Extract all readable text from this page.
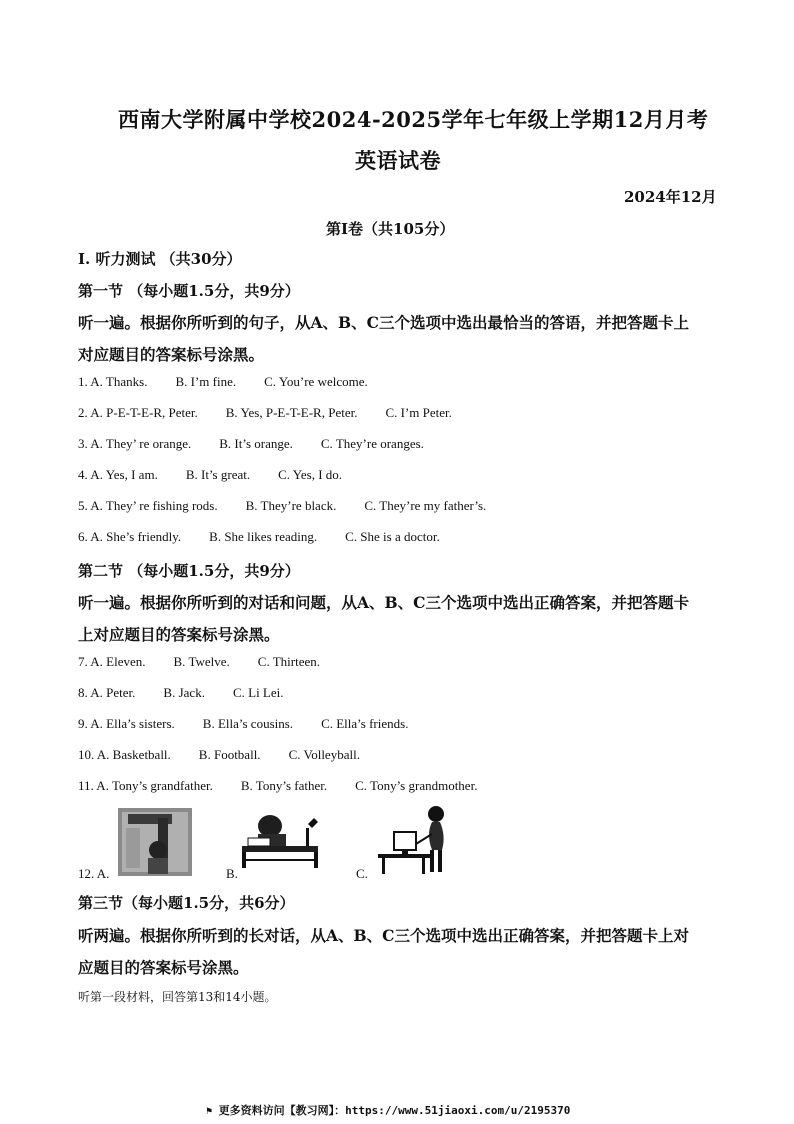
西南大学附属中学校2024-2025学年七年级上学期12月月考
英语试卷
2024年12月
第Ⅰ卷（共105分）
Ⅰ. 听力测试 （共30分）
第一节 （每小题1.5分，共9分）
听一遍。根据你所听到的句子，从A、B、C三个选项中选出最恰当的答语，并把答题卡上
对应题目的答案标号涂黑。
1. A. Thanks. B. I’m fine. C. You’re welcome.
2. A. P-E-T-E-R, Peter. B. Yes, P-E-T-E-R, Peter. C. I’m Peter.
3. A. They’ re orange. B. It’s orange. C. They’re oranges.
4. A. Yes, I am. B. It’s great. C. Yes, I do.
5. A. They’ re fishing rods. B. They’re black. C. They’re my father’s.
6. A. She’s friendly. B. She likes reading. C. She is a doctor.
第二节 （每小题1.5分，共9分）
听一遍。根据你所听到的对话和问题，从A、B、C三个选项中选出正确答案，并把答题卡
上对应题目的答案标号涂黑。
7. A. Eleven. B. Twelve. C. Thirteen.
8. A. Peter. B. Jack. C. Li Lei.
9. A. Ella’s sisters. B. Ella’s cousins. C. Ella’s friends.
10. A. Basketball. B. Football. C. Volleyball.
11. A. Tony’s grandfather. B. Tony’s father. C. Tony’s grandmother.
12. A.	B.	C.
第三节（每小题1.5分，共6分）
听两遍。根据你所听到的长对话，从A、B、C三个选项中选出正确答案，并把答题卡上对
应题目的答案标号涂黑。
听第一段材料，回答第13和14小题。
⚑ 更多资料访问【教习网】：https://www.51jiaoxi.com/u/2195370
